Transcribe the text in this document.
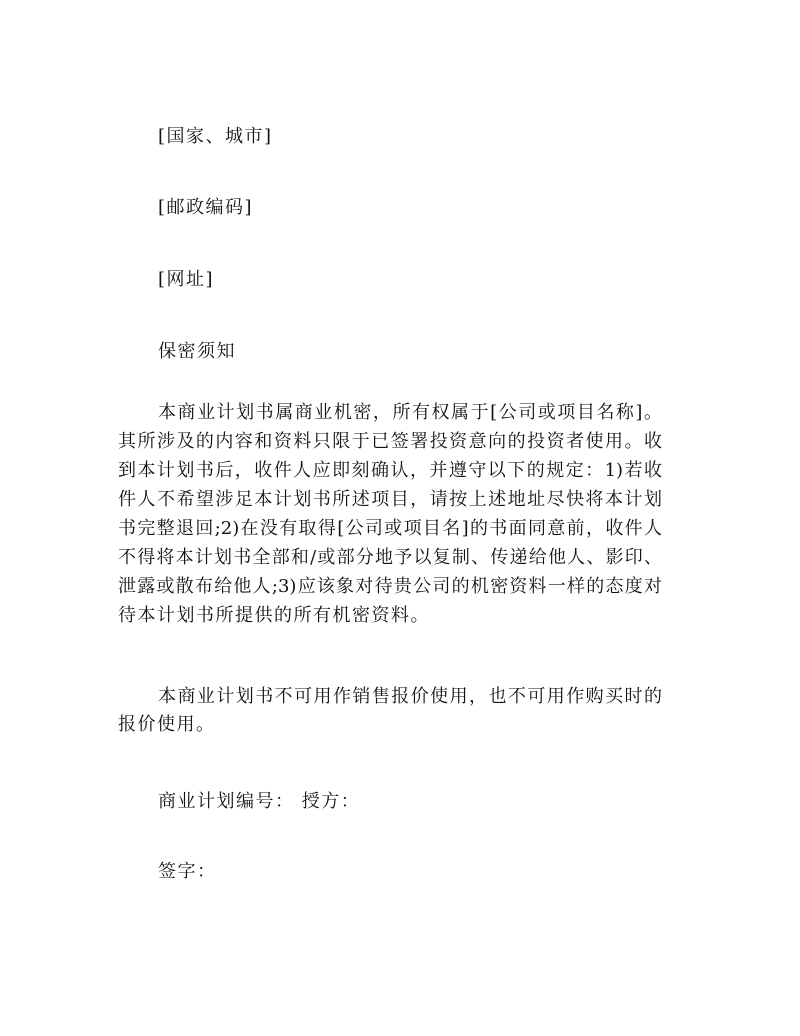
[国家、城市]
[邮政编码]
[网址]
保密须知
本商业计划书属商业机密，所有权属于[公司或项目名称]。
其所涉及的内容和资料只限于已签署投资意向的投资者使用。收
到本计划书后，收件人应即刻确认，并遵守以下的规定：1)若收
件人不希望涉足本计划书所述项目，请按上述地址尽快将本计划
书完整退回;2)在没有取得[公司或项目名]的书面同意前，收件人
不得将本计划书全部和/或部分地予以复制、传递给他人、影印、
泄露或散布给他人;3)应该象对待贵公司的机密资料一样的态度对
待本计划书所提供的所有机密资料。
本商业计划书不可用作销售报价使用，也不可用作购买时的
报价使用。
商业计划编号： 授方：
签字：
